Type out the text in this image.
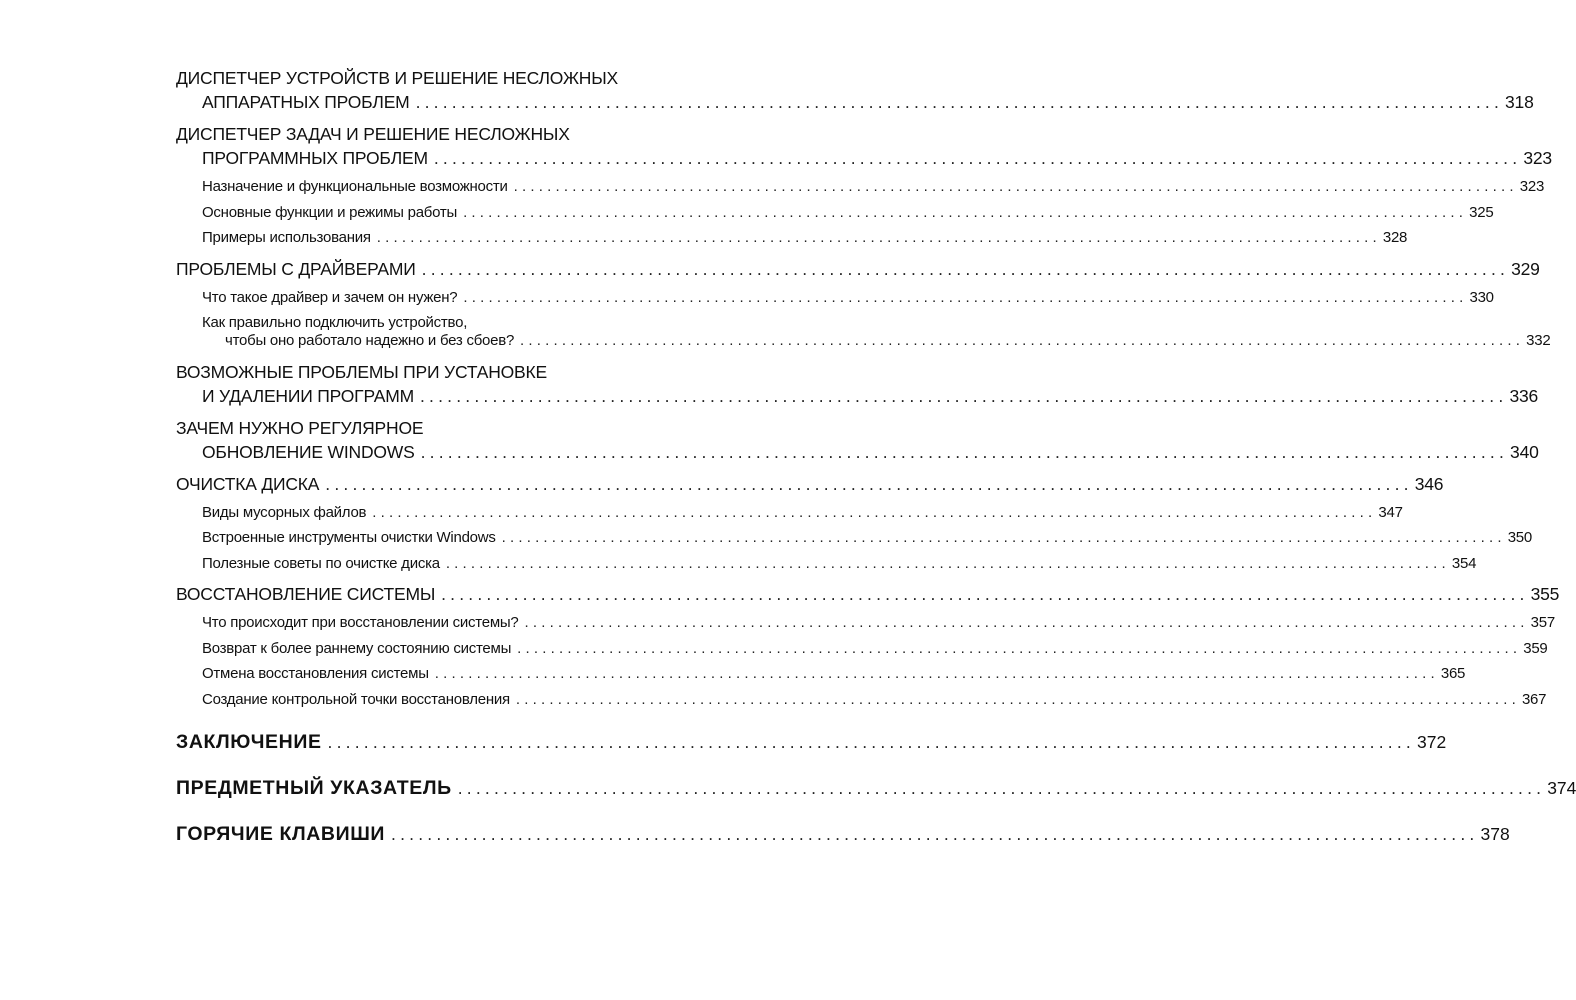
ДИСПЕТЧЕР УСТРОЙСТВ И РЕШЕНИЕ НЕСЛОЖНЫХ
АППАРАТНЫХ ПРОБЛЕМ ........................................................................................................................ 318
ДИСПЕТЧЕР ЗАДАЧ И РЕШЕНИЕ НЕСЛОЖНЫХ
ПРОГРАММНЫХ ПРОБЛЕМ ........................................................................................................................ 323
Назначение и функциональные возможности ........................................................................................................................ 323
Основные функции и режимы работы ........................................................................................................................ 325
Примеры использования ........................................................................................................................ 328
ПРОБЛЕМЫ С ДРАЙВЕРАМИ ........................................................................................................................ 329
Что такое драйвер и зачем он нужен? ........................................................................................................................ 330
Как правильно подключить устройство,
чтобы оно работало надежно и без сбоев? ........................................................................................................................ 332
ВОЗМОЖНЫЕ ПРОБЛЕМЫ ПРИ УСТАНОВКЕ
И УДАЛЕНИИ ПРОГРАММ ........................................................................................................................ 336
ЗАЧЕМ НУЖНО РЕГУЛЯРНОЕ
ОБНОВЛЕНИЕ WINDOWS ........................................................................................................................ 340
ОЧИСТКА ДИСКА ........................................................................................................................ 346
Виды мусорных файлов ........................................................................................................................ 347
Встроенные инструменты очистки Windows ........................................................................................................................ 350
Полезные советы по очистке диска ........................................................................................................................ 354
ВОССТАНОВЛЕНИЕ СИСТЕМЫ ........................................................................................................................ 355
Что происходит при восстановлении системы? ........................................................................................................................ 357
Возврат к более раннему состоянию системы ........................................................................................................................ 359
Отмена восстановления системы ........................................................................................................................ 365
Создание контрольной точки восстановления ........................................................................................................................ 367
ЗАКЛЮЧЕНИЕ ........................................................................................................................ 372
ПРЕДМЕТНЫЙ УКАЗАТЕЛЬ ........................................................................................................................ 374
ГОРЯЧИЕ КЛАВИШИ ........................................................................................................................ 378
